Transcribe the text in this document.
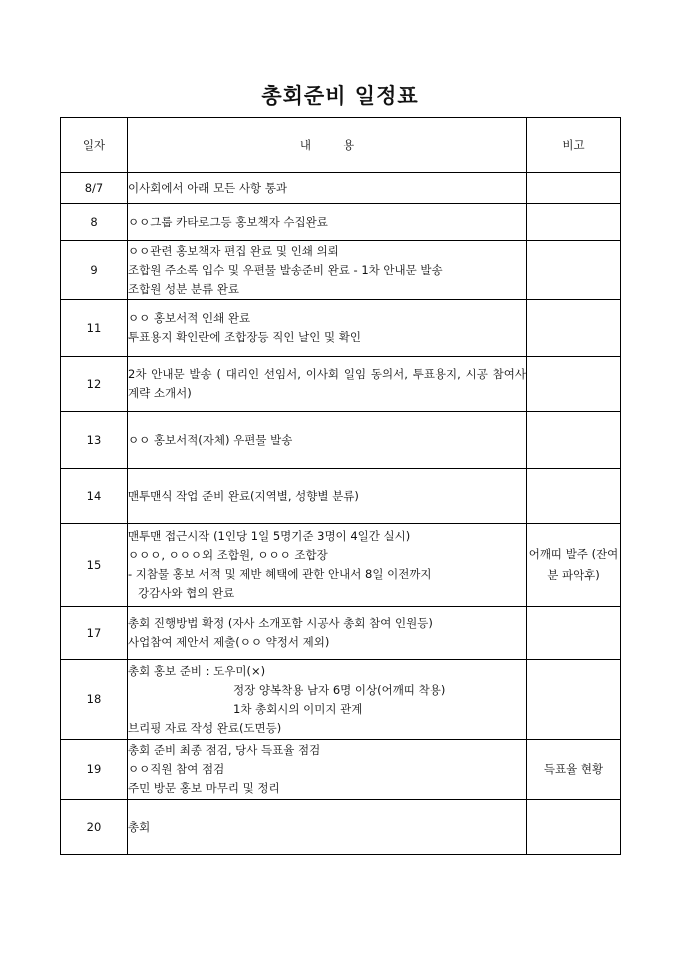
총회준비 일정표
일자	내용	비고
8/7	이사회에서 아래 모든 사항 통과	

8	ㅇㅇ그룹 카타로그등 홍보책자 수집완료	

9	ㅇㅇ관련 홍보책자 편집 완료 및 인쇄 의뢰
조합원 주소록 입수 및 우편물 발송준비 완료 - 1차 안내문 발송
조합원 성분 분류 완료	

11	ㅇㅇ 홍보서적 인쇄 완료
투표용지 확인란에 조합장등 직인 날인 및 확인	

12	2차 안내문 발송 ( 대리인 선임서, 이사회 일임 동의서, 투표용지, 시공 참여사 계략 소개서)	

13	ㅇㅇ 홍보서적(자체) 우편물 발송	

14	맨투맨식 작업 준비 완료(지역별, 성향별 분류)	

15	맨투맨 접근시작 (1인당 1일 5명기준 3명이 4일간 실시)
ㅇㅇㅇ, ㅇㅇㅇ외 조합원, ㅇㅇㅇ 조합장
- 지참물 홍보 서적 및 제반 혜택에 관한 안내서 8일 이전까지
강감사와 협의 완료	어깨띠 발주 (잔여분 파악후)
17	총회 진행방법 확정 (자사 소개포함 시공사 총회 참여 인원등)
사업참여 제안서 제출(ㅇㅇ 약정서 제외)	

18	총회 홍보 준비 : 도우미(×)
정장 양복착용 남자 6명 이상(어깨띠 착용)
1차 총회시의 이미지 관계
브리핑 자료 작성 완료(도면등)	

19	총회 준비 최종 점검, 당사 득표율 점검
ㅇㅇ직원 참여 점검
주민 방문 홍보 마무리 및 정리	득표율 현황
20	총회	
